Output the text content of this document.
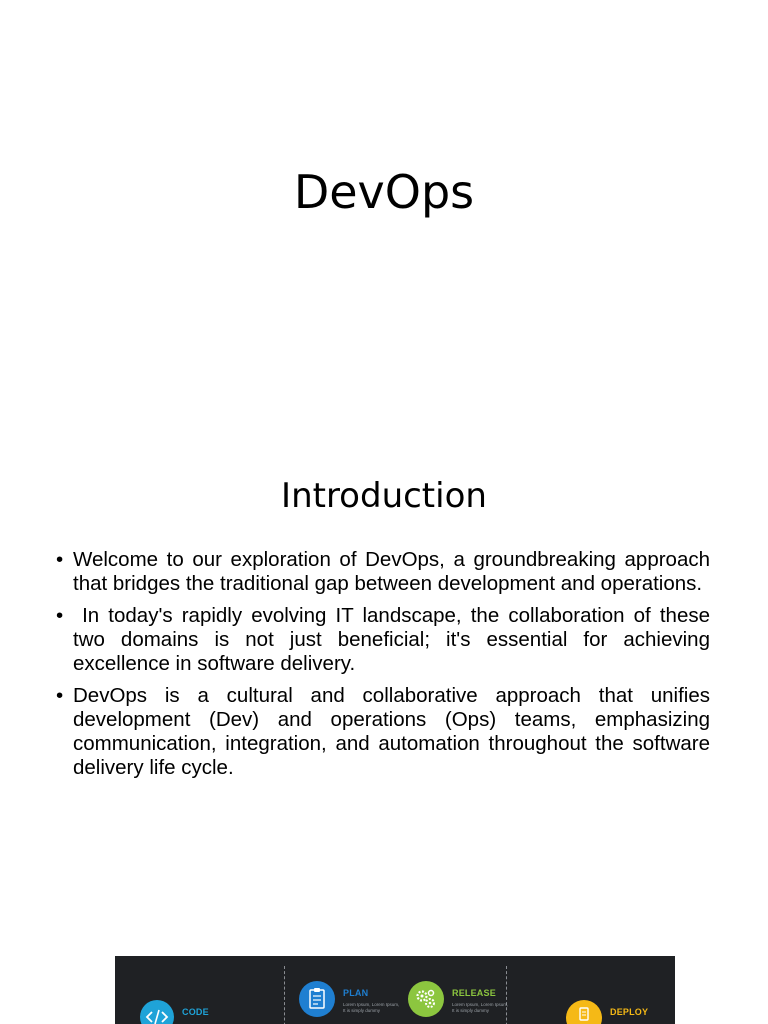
DevOps
Introduction
• Welcome to our exploration of DevOps, a groundbreaking approach that bridges the traditional gap between development and operations.
• In today's rapidly evolving IT landscape, the collaboration of these two domains is not just beneficial; it's essential for achieving excellence in software delivery.
• DevOps is a cultural and collaborative approach that unifies development (Dev) and operations (Ops) teams, emphasizing communication, integration, and automation throughout the software delivery life cycle.
CODE
PLAN
Lorem Ipsum, Lorem Ipsum,
It is simply dummy
RELEASE
Lorem Ipsum, Lorem Ipsum,
It is simply dummy	DEPLOY
